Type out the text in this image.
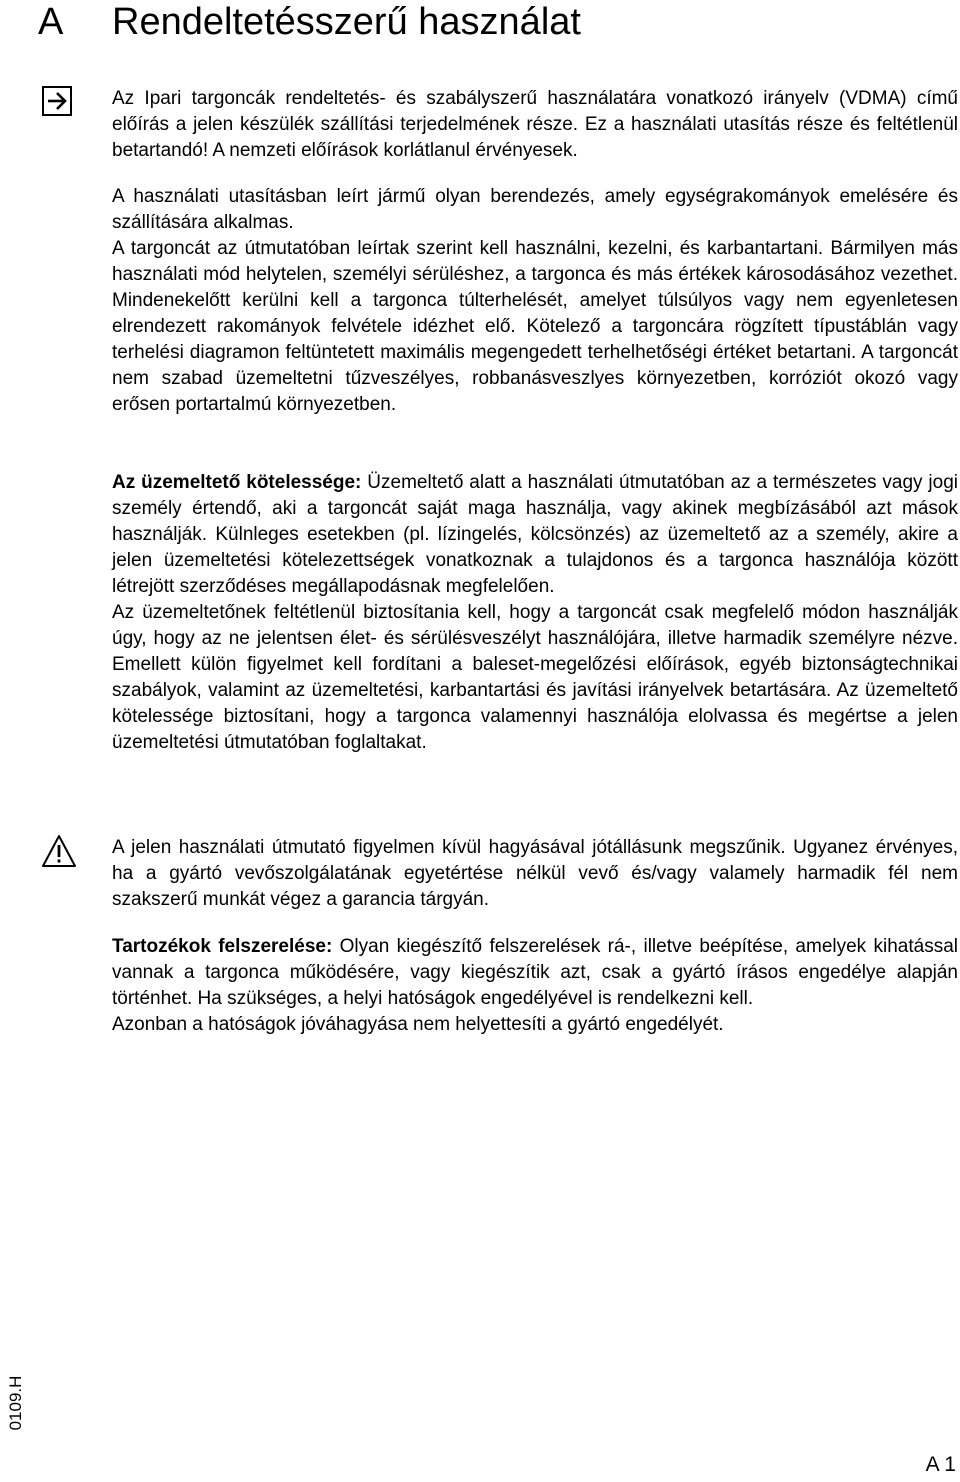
A Rendeltetésszerű használat

Az Ipari targoncák rendeltetés- és szabályszerű használatára vonatkozó irányelv (VDMA) című előírás a jelen készülék szállítási terjedelmének része. Ez a használati utasítás része és feltétlenül betartandó! A nemzeti előírások korlátlanul érvényesek.

A használati utasításban leírt jármű olyan berendezés, amely egységrakományok emelésére és szállítására alkalmas.

A targoncát az útmutatóban leírtak szerint kell használni, kezelni, és karbantartani. Bármilyen más használati mód helytelen, személyi sérüléshez, a targonca és más értékek károsodásához vezethet. Mindenekelőtt kerülni kell a targonca túlterhelését, amelyet túlsúlyos vagy nem egyenletesen elrendezett rakományok felvétele idézhet elő. Kötelező a targoncára rögzített típustáblán vagy terhelési diagramon feltüntetett maximális megengedett terhelhetőségi értéket betartani. A targoncát nem szabad üzemeltetni tűzveszélyes, robbanásveszlyes környezetben, korróziót okozó vagy erősen portartalmú környezetben.

Az üzemeltető kötelessége: Üzemeltető alatt a használati útmutatóban az a természetes vagy jogi személy értendő, aki a targoncát saját maga használja, vagy akinek megbízásából azt mások használják. Külnleges esetekben (pl. lízingelés, kölcsönzés) az üzemeltető az a személy, akire a jelen üzemeltetési kötelezettségek vonatkoznak a tulajdonos és a targonca használója között létrejött szerződéses megállapodásnak megfelelően.

Az üzemeltetőnek feltétlenül biztosítania kell, hogy a targoncát csak megfelelő módon használják úgy, hogy az ne jelentsen élet- és sérülésveszélyt használójára, illetve harmadik személyre nézve. Emellett külön figyelmet kell fordítani a baleset-megelőzési előírások, egyéb biztonságtechnikai szabályok, valamint az üzemeltetési, karbantartási és javítási irányelvek betartására. Az üzemeltető kötelessége biztosítani, hogy a targonca valamennyi használója elolvassa és megértse a jelen üzemeltetési útmutatóban foglaltakat.

A jelen használati útmutató figyelmen kívül hagyásával jótállásunk megszűnik. Ugyanez érvényes, ha a gyártó vevőszolgálatának egyetértése nélkül vevő és/vagy valamely harmadik fél nem szakszerű munkát végez a garancia tárgyán.

Tartozékok felszerelése: Olyan kiegészítő felszerelések rá-, illetve beépítése, amelyek kihatással vannak a targonca működésére, vagy kiegészítik azt, csak a gyártó írásos engedélye alapján történhet. Ha szükséges, a helyi hatóságok engedélyével is rendelkezni kell.

Azonban a hatóságok jóváhagyása nem helyettesíti a gyártó engedélyét.

0109.H
A 1
